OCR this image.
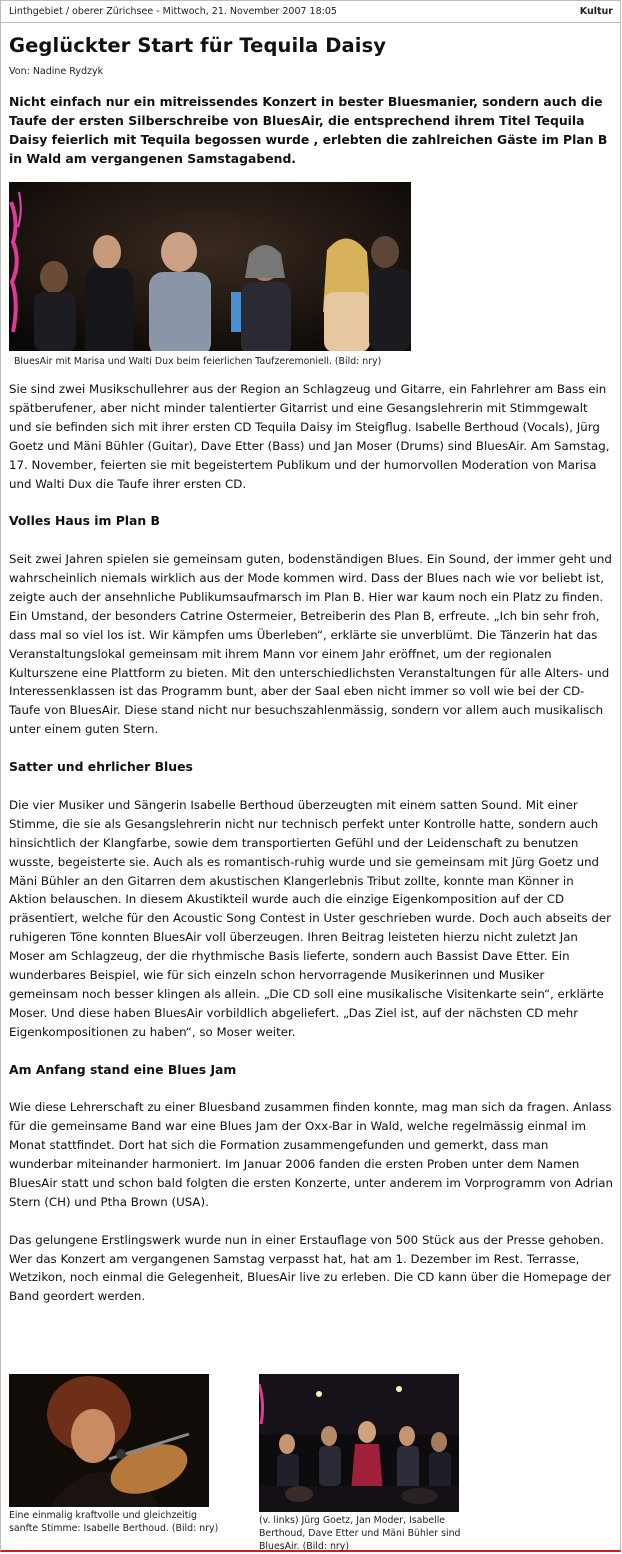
Linthgebiet / oberer Zürichsee - Mittwoch, 21. November 2007 18:05	Kultur
Geglückter Start für Tequila Daisy
Von: Nadine Rydzyk

Nicht einfach nur ein mitreissendes Konzert in bester Bluesmanier, sondern auch die Taufe der ersten Silberschreibe von BluesAir, die entsprechend ihrem Titel Tequila Daisy feierlich mit Tequila begossen wurde , erlebten die zahlreichen Gäste im Plan B in Wald am vergangenen Samstagabend.

BluesAir mit Marisa und Walti Dux beim feierlichen Taufzeremoniell. (Bild: nry)

Sie sind zwei Musikschullehrer aus der Region an Schlagzeug und Gitarre, ein Fahrlehrer am Bass ein spätberufener, aber nicht minder talentierter Gitarrist und eine Gesangslehrerin mit Stimmgewalt und sie befinden sich mit ihrer ersten CD Tequila Daisy im Steigflug. Isabelle Berthoud (Vocals), Jürg Goetz und Mäni Bühler (Guitar), Dave Etter (Bass) und Jan Moser (Drums) sind BluesAir. Am Samstag, 17. November, feierten sie mit begeistertem Publikum und der humorvollen Moderation von Marisa und Walti Dux die Taufe ihrer ersten CD.

Volles Haus im Plan B

Seit zwei Jahren spielen sie gemeinsam guten, bodenständigen Blues. Ein Sound, der immer geht und wahrscheinlich niemals wirklich aus der Mode kommen wird. Dass der Blues nach wie vor beliebt ist, zeigte auch der ansehnliche Publikumsaufmarsch im Plan B. Hier war kaum noch ein Platz zu finden. Ein Umstand, der besonders Catrine Ostermeier, Betreiberin des Plan B, erfreute. „Ich bin sehr froh, dass mal so viel los ist. Wir kämpfen ums Überleben“, erklärte sie unverblümt. Die Tänzerin hat das Veranstaltungslokal gemeinsam mit ihrem Mann vor einem Jahr eröffnet, um der regionalen Kulturszene eine Plattform zu bieten. Mit den unterschiedlichsten Veranstaltungen für alle Alters- und Interessenklassen ist das Programm bunt, aber der Saal eben nicht immer so voll wie bei der CD-Taufe von BluesAir. Diese stand nicht nur besuchszahlenmässig, sondern vor allem auch musikalisch unter einem guten Stern.

Satter und ehrlicher Blues

Die vier Musiker und Sängerin Isabelle Berthoud überzeugten mit einem satten Sound. Mit einer Stimme, die sie als Gesangslehrerin nicht nur technisch perfekt unter Kontrolle hatte, sondern auch hinsichtlich der Klangfarbe, sowie dem transportierten Gefühl und der Leidenschaft zu benutzen wusste, begeisterte sie. Auch als es romantisch-ruhig wurde und sie gemeinsam mit Jürg Goetz und Mäni Bühler an den Gitarren dem akustischen Klangerlebnis Tribut zollte, konnte man Könner in Aktion belauschen. In diesem Akustikteil wurde auch die einzige Eigenkomposition auf der CD präsentiert, welche für den Acoustic Song Contest in Uster geschrieben wurde. Doch auch abseits der ruhigeren Töne konnten BluesAir voll überzeugen. Ihren Beitrag leisteten hierzu nicht zuletzt Jan Moser am Schlagzeug, der die rhythmische Basis lieferte, sondern auch Bassist Dave Etter. Ein wunderbares Beispiel, wie für sich einzeln schon hervorragende Musikerinnen und Musiker gemeinsam noch besser klingen als allein. „Die CD soll eine musikalische Visitenkarte sein“, erklärte Moser. Und diese haben BluesAir vorbildlich abgeliefert. „Das Ziel ist, auf der nächsten CD mehr Eigenkompositionen zu haben“, so Moser weiter.

Am Anfang stand eine Blues Jam

Wie diese Lehrerschaft zu einer Bluesband zusammen finden konnte, mag man sich da fragen. Anlass für die gemeinsame Band war eine Blues Jam der Oxx-Bar in Wald, welche regelmässig einmal im Monat stattfindet. Dort hat sich die Formation zusammengefunden und gemerkt, dass man wunderbar miteinander harmoniert. Im Januar 2006 fanden die ersten Proben unter dem Namen BluesAir statt und schon bald folgten die ersten Konzerte, unter anderem im Vorprogramm von Adrian Stern (CH) und Ptha Brown (USA).

Das gelungene Erstlingswerk wurde nun in einer Erstauflage von 500 Stück aus der Presse gehoben. Wer das Konzert am vergangenen Samstag verpasst hat, hat am 1. Dezember im Rest. Terrasse, Wetzikon, noch einmal die Gelegenheit, BluesAir live zu erleben. Die CD kann über die Homepage der Band geordert werden.

Eine einmalig kraftvolle und gleichzeitig sanfte Stimme: Isabelle Berthoud. (Bild: nry)
(v. links) Jürg Goetz, Jan Moder, Isabelle Berthoud, Dave Etter und Mäni Bühler sind BluesAir. (Bild: nry)
